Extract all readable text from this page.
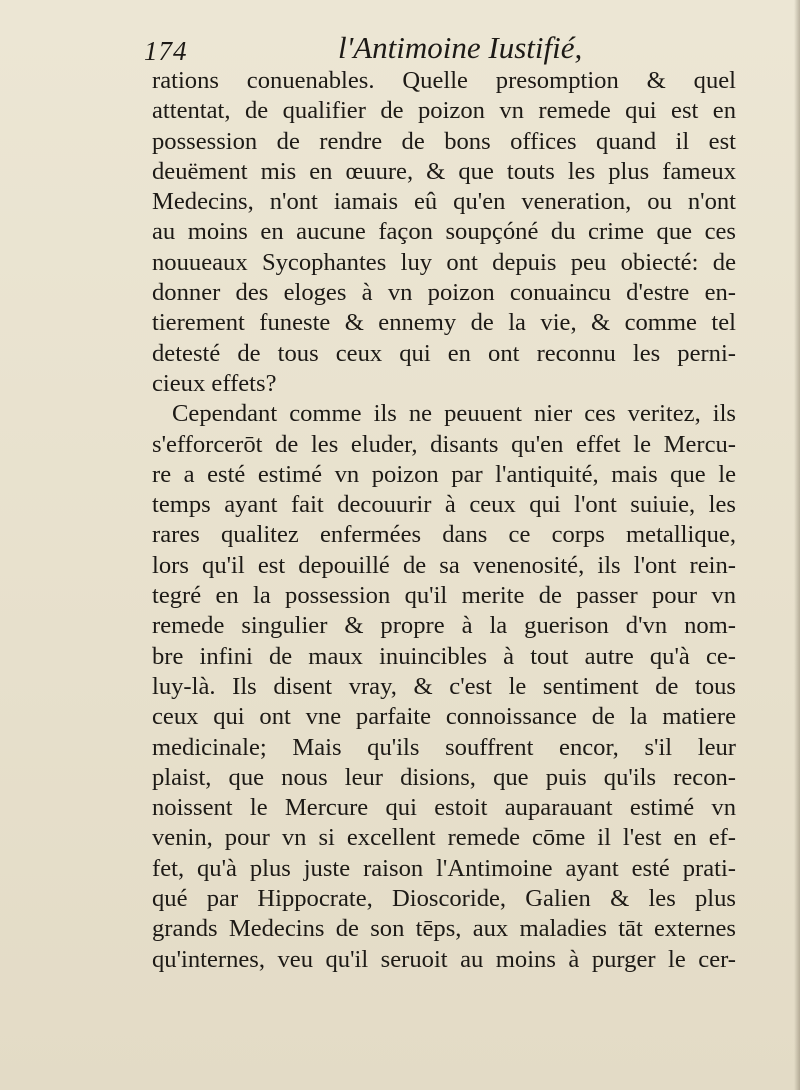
174	l'Antimoine Iustifié,
rations conuenables. Quelle presomption & quel
attentat, de qualifier de poizon vn remede qui est en
possession de rendre de bons offices quand il est
deuëment mis en œuure, & que touts les plus fameux
Medecins, n'ont iamais eû qu'en veneration, ou n'ont
au moins en aucune façon soupçóné du crime que ces
nouueaux Sycophantes luy ont depuis peu obiecté: de
donner des eloges à vn poizon conuaincu d'estre en-
tierement funeste & ennemy de la vie, & comme tel
detesté de tous ceux qui en ont reconnu les perni-
cieux effets?
Cependant comme ils ne peuuent nier ces veritez, ils
s'efforcerōt de les eluder, disants qu'en effet le Mercu-
re a esté estimé vn poizon par l'antiquité, mais que le
temps ayant fait decouurir à ceux qui l'ont suiuie, les
rares qualitez enfermées dans ce corps metallique,
lors qu'il est depouillé de sa venenosité, ils l'ont rein-
tegré en la possession qu'il merite de passer pour vn
remede singulier & propre à la guerison d'vn nom-
bre infini de maux inuincibles à tout autre qu'à ce-
luy-là. Ils disent vray, & c'est le sentiment de tous
ceux qui ont vne parfaite connoissance de la matiere
medicinale; Mais qu'ils souffrent encor, s'il leur
plaist, que nous leur disions, que puis qu'ils recon-
noissent le Mercure qui estoit auparauant estimé vn
venin, pour vn si excellent remede cōme il l'est en ef-
fet, qu'à plus juste raison l'Antimoine ayant esté prati-
qué par Hippocrate, Dioscoride, Galien & les plus
grands Medecins de son tēps, aux maladies tāt externes
qu'internes, veu qu'il seruoit au moins à purger le cer-
